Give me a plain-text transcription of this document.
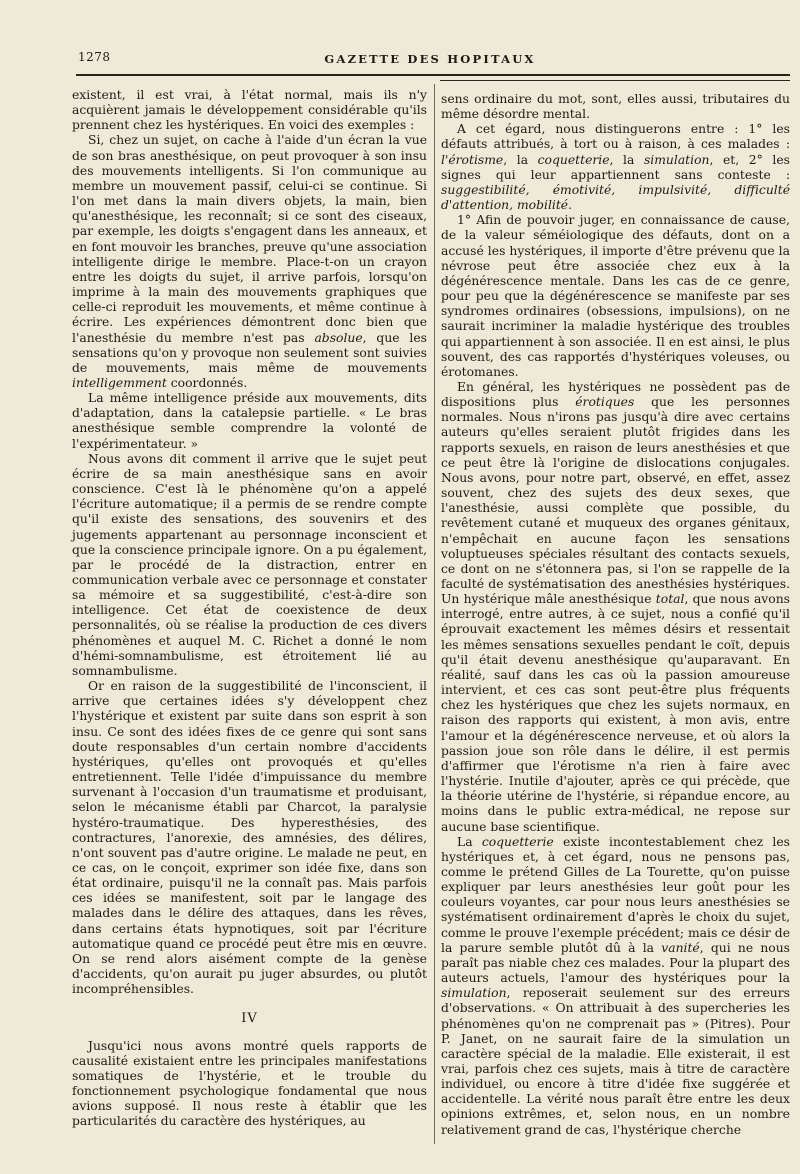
1278	GAZETTE DES HOPITAUX

existent, il est vrai, à l'état normal, mais ils n'y acquièrent jamais le développement considérable qu'ils prennent chez les hystériques. En voici des exemples :

Si, chez un sujet, on cache à l'aide d'un écran la vue de son bras anesthésique, on peut provoquer à son insu des mouvements intelligents. Si l'on communique au membre un mouvement passif, celui-ci se continue. Si l'on met dans la main divers objets, la main, bien qu'anesthésique, les reconnaît; si ce sont des ciseaux, par exemple, les doigts s'engagent dans les anneaux, et en font mouvoir les branches, preuve qu'une association intelligente dirige le membre. Place-t-on un crayon entre les doigts du sujet, il arrive parfois, lorsqu'on imprime à la main des mouvements graphiques que celle-ci reproduit les mouvements, et même continue à écrire. Les expériences démontrent donc bien que l'anesthésie du membre n'est pas absolue, que les sensations qu'on y provoque non seulement sont suivies de mouvements, mais même de mouvements intelligemment coordonnés.

La même intelligence préside aux mouvements, dits d'adaptation, dans la catalepsie partielle. « Le bras anesthésique semble comprendre la volonté de l'expérimentateur. »

Nous avons dit comment il arrive que le sujet peut écrire de sa main anesthésique sans en avoir conscience. C'est là le phénomène qu'on a appelé l'écriture automatique; il a permis de se rendre compte qu'il existe des sensations, des souvenirs et des jugements appartenant au personnage inconscient et que la conscience principale ignore. On a pu également, par le procédé de la distraction, entrer en communication verbale avec ce personnage et constater sa mémoire et sa suggestibilité, c'est-à-dire son intelligence. Cet état de coexistence de deux personnalités, où se réalise la production de ces divers phénomènes et auquel M. C. Richet a donné le nom d'hémi-somnambulisme, est étroitement lié au somnambulisme.

Or en raison de la suggestibilité de l'inconscient, il arrive que certaines idées s'y développent chez l'hystérique et existent par suite dans son esprit à son insu. Ce sont des idées fixes de ce genre qui sont sans doute responsables d'un certain nombre d'accidents hystériques, qu'elles ont provoqués et qu'elles entretiennent. Telle l'idée d'impuissance du membre survenant à l'occasion d'un traumatisme et produisant, selon le mécanisme établi par Charcot, la paralysie hystéro-traumatique. Des hyperesthésies, des contractures, l'anorexie, des amnésies, des délires, n'ont souvent pas d'autre origine. Le malade ne peut, en ce cas, on le conçoit, exprimer son idée fixe, dans son état ordinaire, puisqu'il ne la connaît pas. Mais parfois ces idées se manifestent, soit par le langage des malades dans le délire des attaques, dans les rêves, dans certains états hypnotiques, soit par l'écriture automatique quand ce procédé peut être mis en œuvre. On se rend alors aisément compte de la genèse d'accidents, qu'on aurait pu juger absurdes, ou plutôt incompréhensibles.

IV

Jusqu'ici nous avons montré quels rapports de causalité existaient entre les principales manifestations somatiques de l'hystérie, et le trouble du fonctionnement psychologique fondamental que nous avions supposé. Il nous reste à établir que les particularités du caractère des hystériques, au

sens ordinaire du mot, sont, elles aussi, tributaires du même désordre mental.

A cet égard, nous distinguerons entre : 1° les défauts attribués, à tort ou à raison, à ces malades : l'érotisme, la coquetterie, la simulation, et, 2° les signes qui leur appartiennent sans conteste : suggestibilité, émotivité, impulsivité, difficulté d'attention, mobilité.

1° Afin de pouvoir juger, en connaissance de cause, de la valeur séméiologique des défauts, dont on a accusé les hystériques, il importe d'être prévenu que la névrose peut être associée chez eux à la dégénérescence mentale. Dans les cas de ce genre, pour peu que la dégénérescence se manifeste par ses syndromes ordinaires (obsessions, impulsions), on ne saurait incriminer la maladie hystérique des troubles qui appartiennent à son associée. Il en est ainsi, le plus souvent, des cas rapportés d'hystériques voleuses, ou érotomanes.

En général, les hystériques ne possèdent pas de dispositions plus érotiques que les personnes normales. Nous n'irons pas jusqu'à dire avec certains auteurs qu'elles seraient plutôt frigides dans les rapports sexuels, en raison de leurs anesthésies et que ce peut être là l'origine de dislocations conjugales. Nous avons, pour notre part, observé, en effet, assez souvent, chez des sujets des deux sexes, que l'anesthésie, aussi complète que possible, du revêtement cutané et muqueux des organes génitaux, n'empêchait en aucune façon les sensations voluptueuses spéciales résultant des contacts sexuels, ce dont on ne s'étonnera pas, si l'on se rappelle de la faculté de systématisation des anesthésies hystériques. Un hystérique mâle anesthésique total, que nous avons interrogé, entre autres, à ce sujet, nous a confié qu'il éprouvait exactement les mêmes désirs et ressentait les mêmes sensations sexuelles pendant le coït, depuis qu'il était devenu anesthésique qu'auparavant. En réalité, sauf dans les cas où la passion amoureuse intervient, et ces cas sont peut-être plus fréquents chez les hystériques que chez les sujets normaux, en raison des rapports qui existent, à mon avis, entre l'amour et la dégénérescence nerveuse, et où alors la passion joue son rôle dans le délire, il est permis d'affirmer que l'érotisme n'a rien à faire avec l'hystérie. Inutile d'ajouter, après ce qui précède, que la théorie utérine de l'hystérie, si répandue encore, au moins dans le public extra-médical, ne repose sur aucune base scientifique.

La coquetterie existe incontestablement chez les hystériques et, à cet égard, nous ne pensons pas, comme le prétend Gilles de La Tourette, qu'on puisse expliquer par leurs anesthésies leur goût pour les couleurs voyantes, car pour nous leurs anesthésies se systématisent ordinairement d'après le choix du sujet, comme le prouve l'exemple précédent; mais ce désir de la parure semble plutôt dû à la vanité, qui ne nous paraît pas niable chez ces malades. Pour la plupart des auteurs actuels, l'amour des hystériques pour la simulation, reposerait seulement sur des erreurs d'observations. « On attribuait à des supercheries les phénomènes qu'on ne comprenait pas » (Pitres). Pour P. Janet, on ne saurait faire de la simulation un caractère spécial de la maladie. Elle existerait, il est vrai, parfois chez ces sujets, mais à titre de caractère individuel, ou encore à titre d'idée fixe suggérée et accidentelle. La vérité nous paraît être entre les deux opinions extrêmes, et, selon nous, en un nombre relativement grand de cas, l'hystérique cherche
